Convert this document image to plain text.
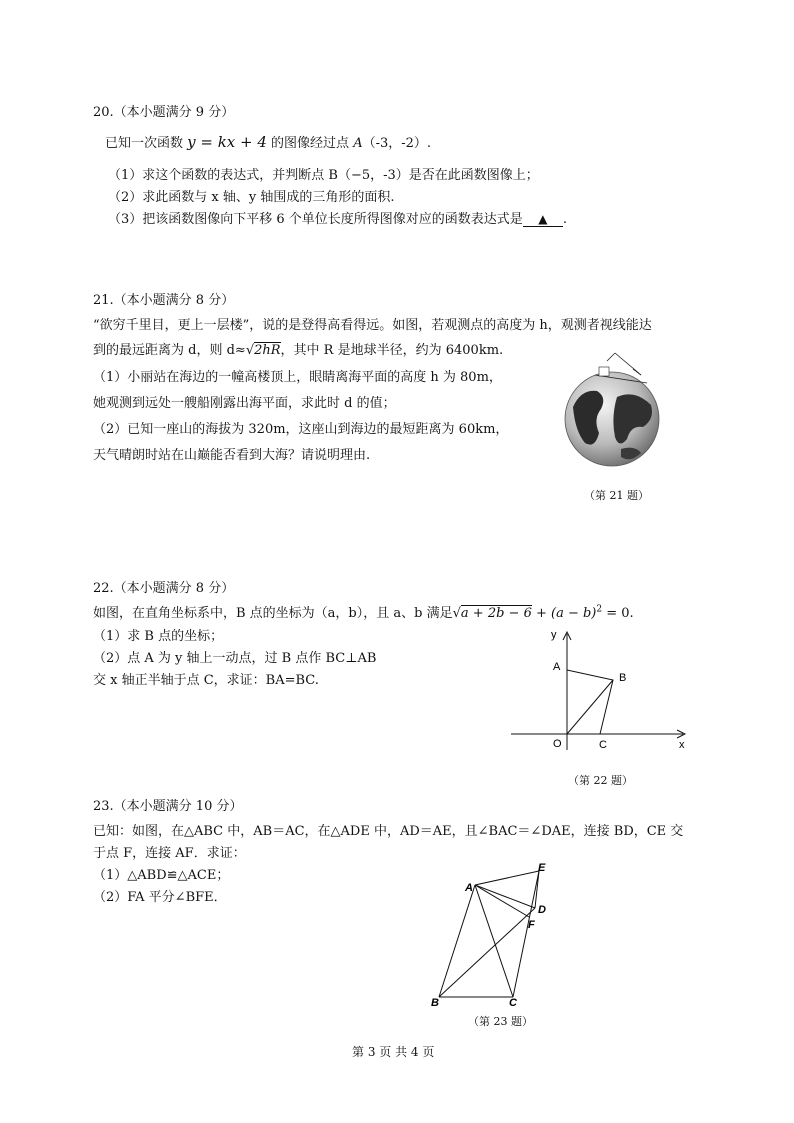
20.（本小题满分 9 分）
已知一次函数 y = kx + 4 的图像经过点 A（-3，-2）.
（1）求这个函数的表达式，并判断点 B（−5，-3）是否在此函数图像上；
（2）求此函数与 x 轴、y 轴围成的三角形的面积.
（3）把该函数图像向下平移 6 个单位长度所得图像对应的函数表达式是 ▲ .
21.（本小题满分 8 分）
“欲穷千里目，更上一层楼”，说的是登得高看得远。如图，若观测点的高度为 h，观测者视线能达
到的最远距离为 d，则 d≈√2hR，其中 R 是地球半径，约为 6400km.
（1）小丽站在海边的一幢高楼顶上，眼睛离海平面的高度 h 为 80m，
她观测到远处一艘船刚露出海平面，求此时 d 的值；
（2）已知一座山的海拔为 320m，这座山到海边的最短距离为 60km，
天气晴朗时站在山巅能否看到大海？请说明理由.
（第 21 题）
22.（本小题满分 8 分）
如图，在直角坐标系中，B 点的坐标为（a，b），且 a、b 满足$√a + 2b - 6 + (a - b)^2 = 0$.
（1）求 B 点的坐标；
（2）点 A 为 y 轴上一动点，过 B 点作 BC⊥AB
交 x 轴正半轴于点 C，求证：BA=BC.
y
x
A
B
O	C
（第 22 题）
23.（本小题满分 10 分）
已知：如图，在△ABC 中，AB＝AC，在△ADE 中，AD＝AE，且∠BAC＝∠DAE，连接 BD，CE 交
于点 F，连接 AF．求证：
（1）△ABD≌△ACE；
（2）FA 平分∠BFE．
A
B	C
D
E
F
（第 23 题）
第 3 页 共 4 页
